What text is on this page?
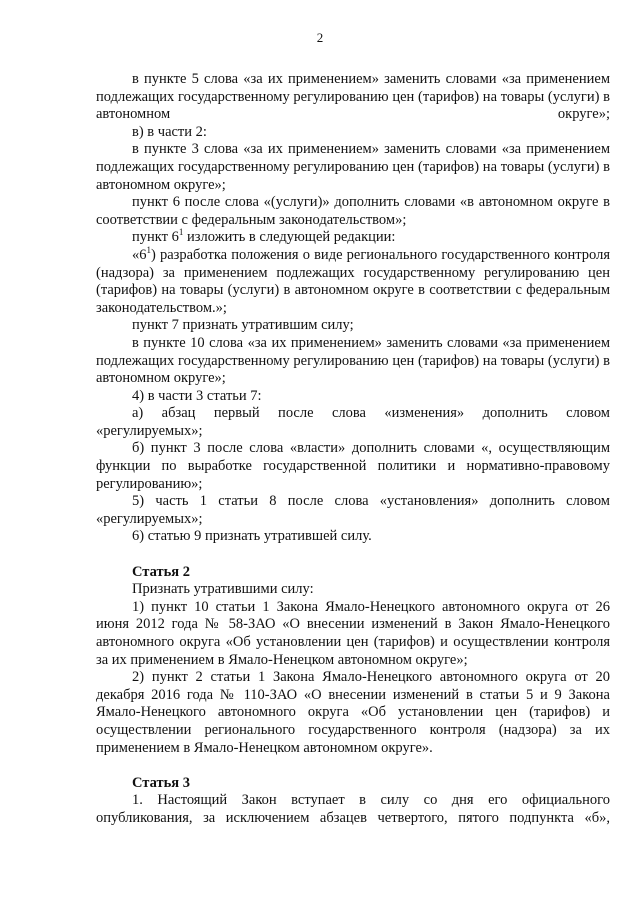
2

в пункте 5 слова «за их применением» заменить словами «за применением подлежащих государственному регулированию цен (тарифов) на товары (услуги) в автономном округе»;

в) в части 2:

в пункте 3 слова «за их применением» заменить словами «за применением подлежащих государственному регулированию цен (тарифов) на товары (услуги) в автономном округе»;

пункт 6 после слова «(услуги)» дополнить словами «в автономном округе в соответствии с федеральным законодательством»;

пункт $6^1$ изложить в следующей редакции:

«$6^1$) разработка положения о виде регионального государственного контроля (надзора) за применением подлежащих государственному регулированию цен (тарифов) на товары (услуги) в автономном округе в соответствии с федеральным законодательством.»;

пункт 7 признать утратившим силу;

в пункте 10 слова «за их применением» заменить словами «за применением подлежащих государственному регулированию цен (тарифов) на товары (услуги) в автономном округе»;

4) в части 3 статьи 7:

а) абзац первый после слова «изменения» дополнить словом «регулируемых»;

б) пункт 3 после слова «власти» дополнить словами «, осуществляющим функции по выработке государственной политики и нормативно-правовому регулированию»;

5) часть 1 статьи 8 после слова «установления» дополнить словом «регулируемых»;

6) статью 9 признать утратившей силу.

Статья 2

Признать утратившими силу:

1) пункт 10 статьи 1 Закона Ямало-Ненецкого автономного округа от 26 июня 2012 года № 58-ЗАО «О внесении изменений в Закон Ямало-Ненецкого автономного округа «Об установлении цен (тарифов) и осуществлении контроля за их применением в Ямало-Ненецком автономном округе»;

2) пункт 2 статьи 1 Закона Ямало-Ненецкого автономного округа от 20 декабря 2016 года № 110-ЗАО «О внесении изменений в статьи 5 и 9 Закона Ямало-Ненецкого автономного округа «Об установлении цен (тарифов) и осуществлении регионального государственного контроля (надзора) за их применением в Ямало-Ненецком автономном округе».

Статья 3

1. Настоящий Закон вступает в силу со дня его официального опубликования, за исключением абзацев четвертого, пятого подпункта «б»,
